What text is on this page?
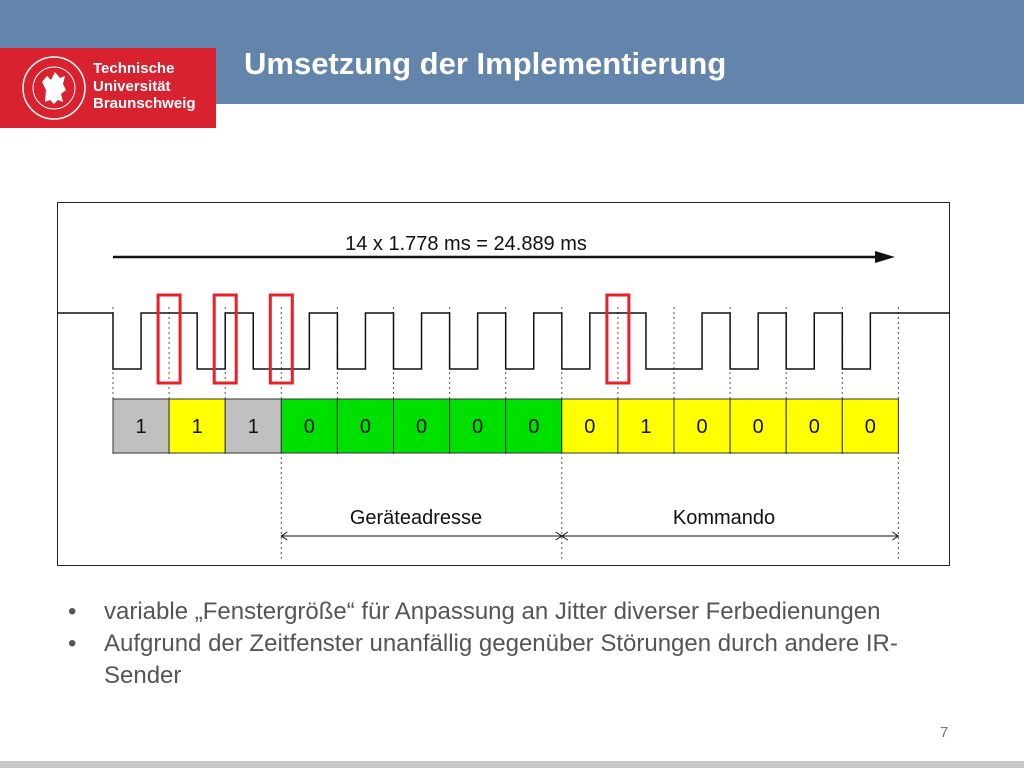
Technische
Universität
Braunschweig
Umsetzung der Implementierung
1 1 1 0 0 0 0 0 0 1 0 0 0 0
14 x 1.778 ms = 24.889 ms
Geräteadresse	Kommando
• variable „Fenstergröße“ für Anpassung an Jitter diverser Ferbedienungen
• Aufgrund der Zeitfenster unanfällig gegenüber Störungen durch andere IR-Sender
7
